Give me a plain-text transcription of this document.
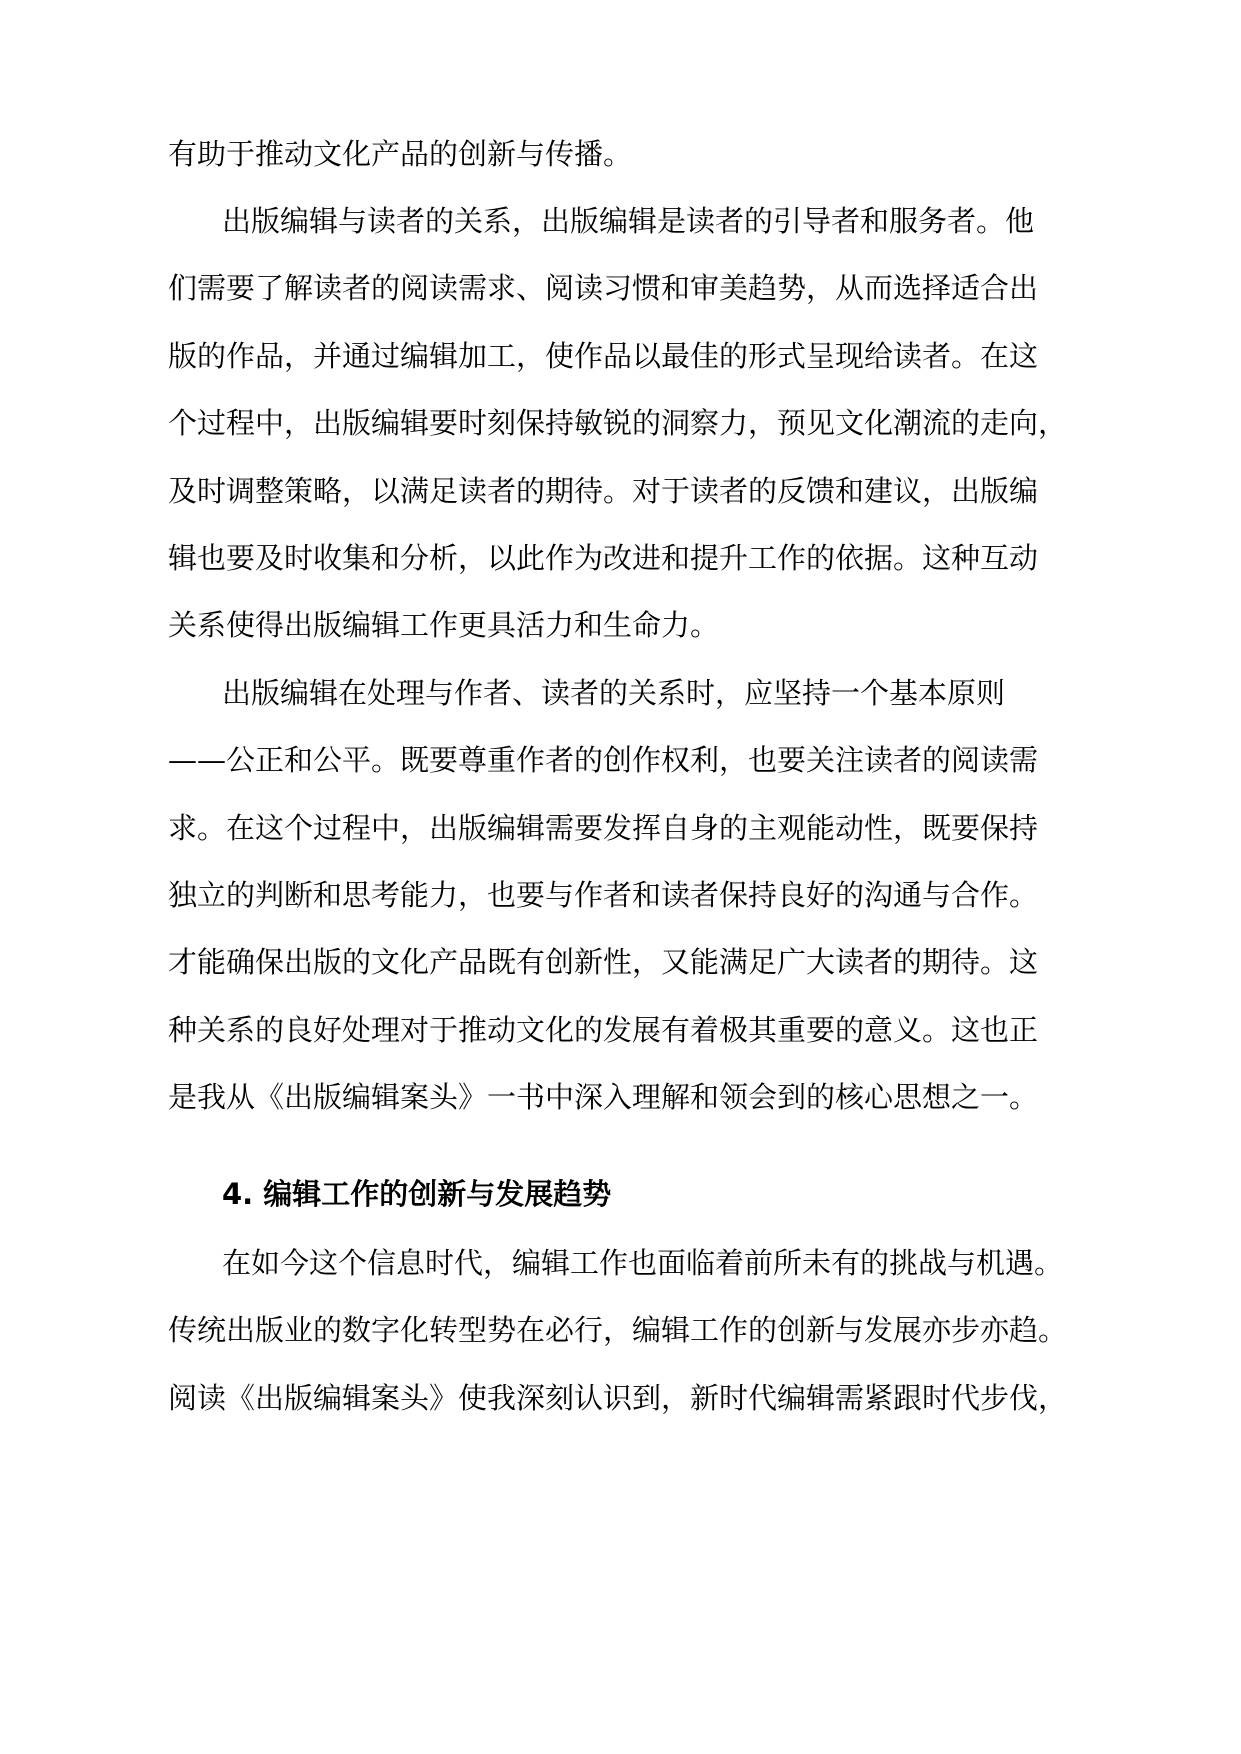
有助于推动文化产品的创新与传播。
出版编辑与读者的关系，出版编辑是读者的引导者和服务者。他
们需要了解读者的阅读需求、阅读习惯和审美趋势，从而选择适合出
版的作品，并通过编辑加工，使作品以最佳的形式呈现给读者。在这
个过程中，出版编辑要时刻保持敏锐的洞察力，预见文化潮流的走向，
及时调整策略，以满足读者的期待。对于读者的反馈和建议，出版编
辑也要及时收集和分析，以此作为改进和提升工作的依据。这种互动
关系使得出版编辑工作更具活力和生命力。
出版编辑在处理与作者、读者的关系时，应坚持一个基本原则
——公正和公平。既要尊重作者的创作权利，也要关注读者的阅读需
求。在这个过程中，出版编辑需要发挥自身的主观能动性，既要保持
独立的判断和思考能力，也要与作者和读者保持良好的沟通与合作。
才能确保出版的文化产品既有创新性，又能满足广大读者的期待。这
种关系的良好处理对于推动文化的发展有着极其重要的意义。这也正
是我从《出版编辑案头》一书中深入理解和领会到的核心思想之一。
4. 编辑工作的创新与发展趋势
在如今这个信息时代，编辑工作也面临着前所未有的挑战与机遇。
传统出版业的数字化转型势在必行，编辑工作的创新与发展亦步亦趋。
阅读《出版编辑案头》使我深刻认识到，新时代编辑需紧跟时代步伐，
